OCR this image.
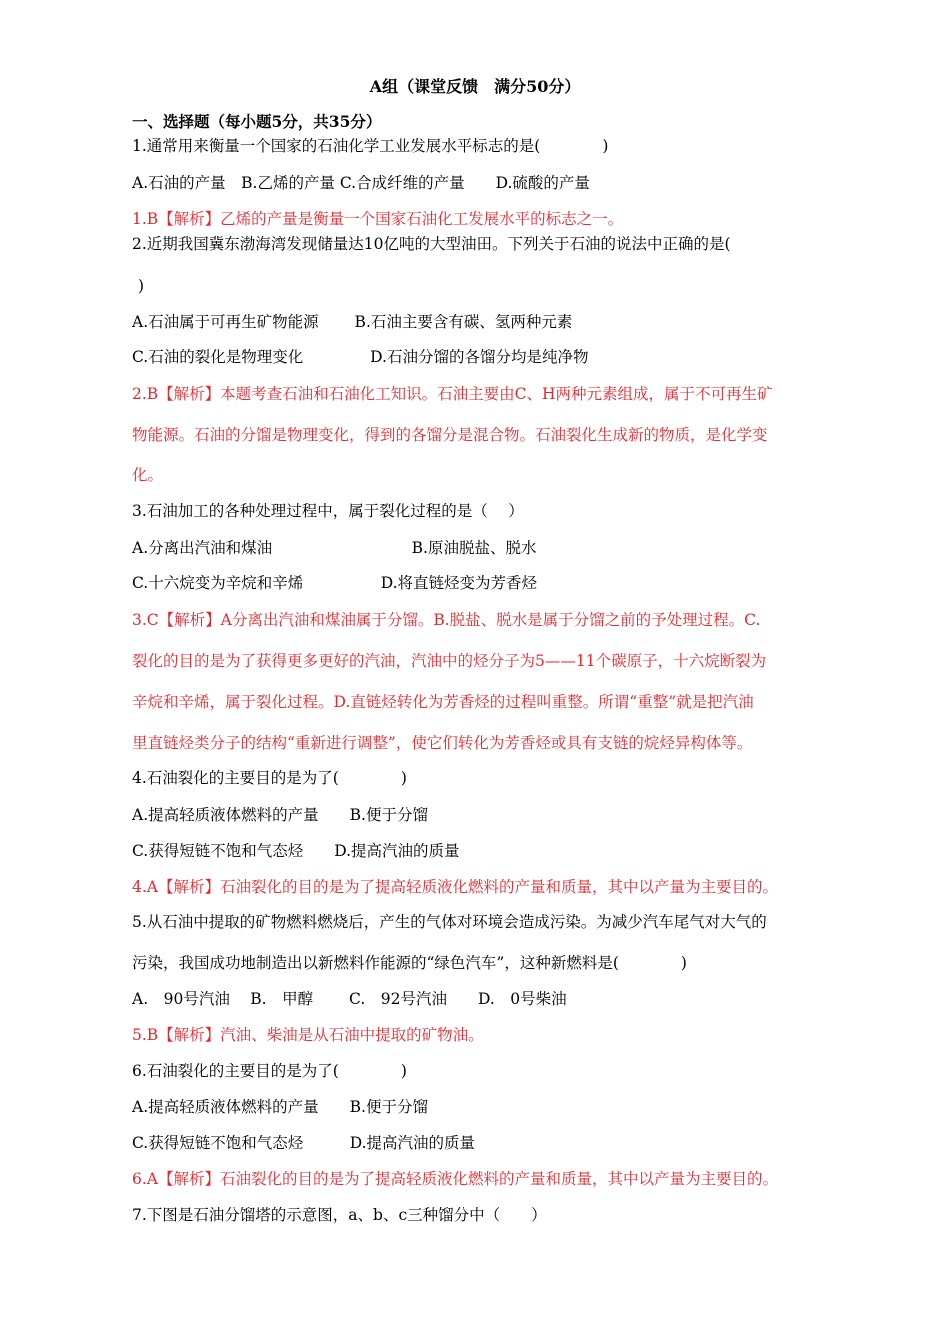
A组（课堂反馈　满分50分）
一、选择题（每小题5分，共35分）
1.通常用来衡量一个国家的石油化学工业发展水平标志的是(　　　　)
A.石油的产量　B.乙烯的产量 C.合成纤维的产量　　D.硫酸的产量
1.B【解析】乙烯的产量是衡量一个国家石油化工发展水平的标志之一。
2.近期我国冀东渤海湾发现储量达10亿吨的大型油田。下列关于石油的说法中正确的是(
)
A.石油属于可再生矿物能源　　 B.石油主要含有碳、氢两种元素
C.石油的裂化是物理变化　　　　 D.石油分馏的各馏分均是纯净物
2.B【解析】本题考查石油和石油化工知识。石油主要由C、H两种元素组成，属于不可再生矿
物能源。石油的分馏是物理变化，得到的各馏分是混合物。石油裂化生成新的物质，是化学变
化。
3.石油加工的各种处理过程中，属于裂化过程的是（　 ）
A.分离出汽油和煤油　　　　　　　　　B.原油脱盐、脱水
C.十六烷变为辛烷和辛烯　　　　　D.将直链烃变为芳香烃
3.C【解析】A分离出汽油和煤油属于分馏。B.脱盐、脱水是属于分馏之前的予处理过程。C.
裂化的目的是为了获得更多更好的汽油，汽油中的烃分子为5——11个碳原子，十六烷断裂为
辛烷和辛烯，属于裂化过程。D.直链烃转化为芳香烃的过程叫重整。所谓“重整”就是把汽油
里直链烃类分子的结构“重新进行调整”，使它们转化为芳香烃或具有支链的烷烃异构体等。
4.石油裂化的主要目的是为了(　　　　)
A.提高轻质液体燃料的产量　　B.便于分馏
C.获得短链不饱和气态烃　　D.提高汽油的质量
4.A【解析】石油裂化的目的是为了提高轻质液化燃料的产量和质量，其中以产量为主要目的。
5.从石油中提取的矿物燃料燃烧后，产生的气体对环境会造成污染。为减少汽车尾气对大气的
污染，我国成功地制造出以新燃料作能源的“绿色汽车”，这种新燃料是(　　　　)
A.　90号汽油　 B.　甲醇　　 C.　92号汽油　　D.　0号柴油
5.B【解析】汽油、柴油是从石油中提取的矿物油。
6.石油裂化的主要目的是为了(　　　　)
A.提高轻质液体燃料的产量　　B.便于分馏
C.获得短链不饱和气态烃　　　D.提高汽油的质量
6.A【解析】石油裂化的目的是为了提高轻质液化燃料的产量和质量，其中以产量为主要目的。
7.下图是石油分馏塔的示意图，a、b、c三种馏分中（　　）
